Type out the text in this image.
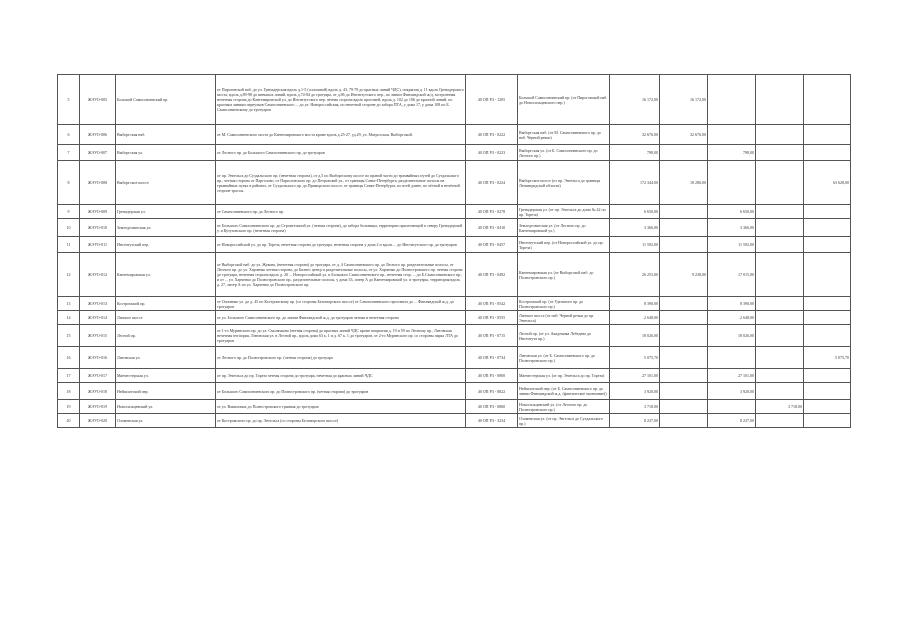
5	ЖЭУО-005	Большой Сампсониевский пр.	от Пироговской наб. до ул. Гренадерская вдоль д.1-5 (сплошной) вдоль д. 43, 79-79 до красных линий ЧДС), покрытая д. 11 вдоль Гренадерского моста, вдоль д.89-98 до меньших линий, вдоль д.74-84 до тротуара, от д.86 до Институтского пер., по линии Финляндской ж/д, застроенная нечетная сторона до Кантемировской ул. до Институтского пер. четная сторона вдоль проезжей, вдоль д. 102 до 106 до красной линий, по красным линиям переулков Сампсониевского ... до ул. Новороссийская, по нечетной стороне до забора ПТА, у дома 17, у дома 108 по Б. Сампсониевскому до тротуаров	40 ОП РЗ - 1205	Большой Сампсониевский пр. (от Пироговской наб. до Новосильцевского пер.)	16 172,00	16 172,00			
6	ЖЭУО-006	Выборгская наб.	от М. Сампсониевского моста до Кантемировского моста кроме вдоль д.25-27, уд.29, ул. Матросская, Выборгский.	40 ОП РЗ - 0222	Выборгская наб. (от М. Сампсониевского пр. до наб. Черной речки)	32 676,00	32 676,00			
7	ЖЭУО-007	Выборгская ул.	от Лесного пр. до Большого Сампсониевского пр. до тротуаров	40 ОП РЗ - 0223	Выборгская ул. (от Б. Сампсониевского пр. до Лесного пр.)	798,00		798,00		
8	ЖЭУО-008	Выборгское шоссе	от пр. Энгельса до Суздальского пр. (нечетная сторона), от д.5 по Выборгскому шоссе по правой части до трамвайных путей до Суздальского пр., четная сторона от Парголово, от Парголовского пр. до Петровской ул., от границы Санкт-Петербурга, разделительные полосы на трамвайных путях в районах, от Суздальского пр. до Приморского шоссе, от границы Санкт-Петербурга, по всей длине, по чётной и нечётной стороне трассы.	40 ОП РЗ - 0224	Выборгское шоссе (от пр. Энгельса до границы Ленинградской области)	172 344,00	18 286,00			63 628,00
9	ЖЭУО-009	Гренадерская ул.	от Сампсониевского пр. до Лесного пр.	40 ОП РЗ - 0278	Гренадерская ул. (от пр. Энгельса до дома № 42 по пр. Тореза)	6 650,00		6 650,00		
10	ЖЭУО-010	Земледельческая ул.	от Большого Сампсониевского пр. до Строительной ул. (четная сторона), до забора больницы, территории прилегающей к северу Гренадерской у. и Кутузовского пр. (нечетная сторона)	40 ОП РЗ - 0410	Земледельческая ул. (от Лесного пр. до Кантемировской ул.)	3 366,00		3 366,00		
11	ЖЭУО-011	Институтский пер.	от Новороссийской ул. до пр. Тореза, нечетная сторона до тротуара, нечетная сторона у дома 2 и вдоль ... до Институтского пр. до тротуаров	40 ОП РЗ - 0457	Институтский пер. (от Новороссийской ул. до пр. Тореза)	11 592,00		11 592,00		
12	ЖЭУО-012	Кантемировская ул.	от Выборгской наб. до ул. Жукова, (нечетная сторона) до тротуара, от д. 4 Сампсониевского пр. до Лесного пр. разделительные полосы, от Лесного пр. до ул. Харченко четная сторона, до Бизнес центр и разделительные полосы, от ул. Харченко до Полюстровского пр. четная сторона до тротуара, нечетная сторона вдоль д. 20 ... Новороссийской ул. и Большого Сампсониевского пр., нечетная стор. ... до Б.Сампсониевского пр., и от ... ул. Харченко до Полюстровского пр., разделительные полосы, у дома 33, литер А до Кантемировской ул. и тротуары, территория вдоль д. 27, литер А по ул. Харченко до Полюстровского пр.	40 ОП РЗ - 0492	Кантемировская ул. (от Выборгской наб. до Полюстровского пр.)	26 253,00	9 238,00	17 015,00		
13	ЖЭУО-013	Костромской пр.	от Осипенко ул. до д. 45 по Костромскому пр. (со стороны Беломорского шоссе) от Сампсониевского проспекта до ... Финляндской ж.д. до тротуаров	40 ОП РЗ - 0542	Костромской пр. (от Удельного пр. до Полюстровского пр.)	8 390,00		8 390,00		
14	ЖЭУО-014	Ланское шоссе	от ул. Большого Сампсониевского пр. до линии Финляндской ж.д. до тротуаров четная и нечетная сторона	40 ОП РЗ - 0555	Ланское шоссе (от наб. Черной речки до пр. Энгельса)	2 648,00		2 648,00		
15	ЖЭУО-015	Лесной пр.	от 1-го Муринского пр. до ул. Смолячкова (четная сторона) до красных линий ЧДС кроме покрытия д. 19 и 59 по Лесному пр., Литовская нечетная territория, Литовская ул. в Лесной пр., вдоль дома 63 к. 1 и д. 67 к. 1 до тротуаров, от 2-го Муринского пр. со стороны парка ЛТА до тротуаров	40 ОП РЗ - 0715	Лесной пр. (от ул. Академика Лебедева до Института пр.)	18 026,00		18 026,00		
16	ЖЭУО-016	Литовская ул.	от Лесного пр. до Полюстровского пр. (четная сторона) до тротуара	40 ОП РЗ - 0734	Литовская ул. (от Б. Сампсониевского пр. до Полюстровского пр.)	5 075,70				5 075,70
17	ЖЭУО-017	Манчестерская ул.	от пр. Энгельса до пр. Тореза четная сторона до тротуара, нечетная до красных линий ЧДС	40 ОП РЗ - 0800	Манчестерская ул. (от пр. Энгельса до пр. Тореза)	27 101,00		27 101,00		
18	ЖЭУО-018	Нейшлотский пер.	от Большого Сампсониевского пр. до Полюстровского пр. (четная сторона) до тротуаров	40 ОП РЗ - 0822	Нейшлотский пер. (от Б. Сампсониевского пр. до линии Финляндской ж.д. (фактическое окончание))	3 920,00		3 920,00		
19	ЖЭУО-019	Новосильцевский ул.	от ул. Вавиловых до Полюстровского трамвая до тротуаров	40 ОП РЗ - 0860	Новосильцевский ул. (от Лесного пр. до Полюстровского пр.)	3 718,00			3 718,00	
20	ЖЭУО-020	Оломенская ул.	от Костромского пр. до пр. Энгельса (со стороны Беломорского шоссе)	40 ОП РЗ - 3234	Оломенская ул. (от пр. Энгельса до Суздальского пр.)	8 237,00		8 237,00		
